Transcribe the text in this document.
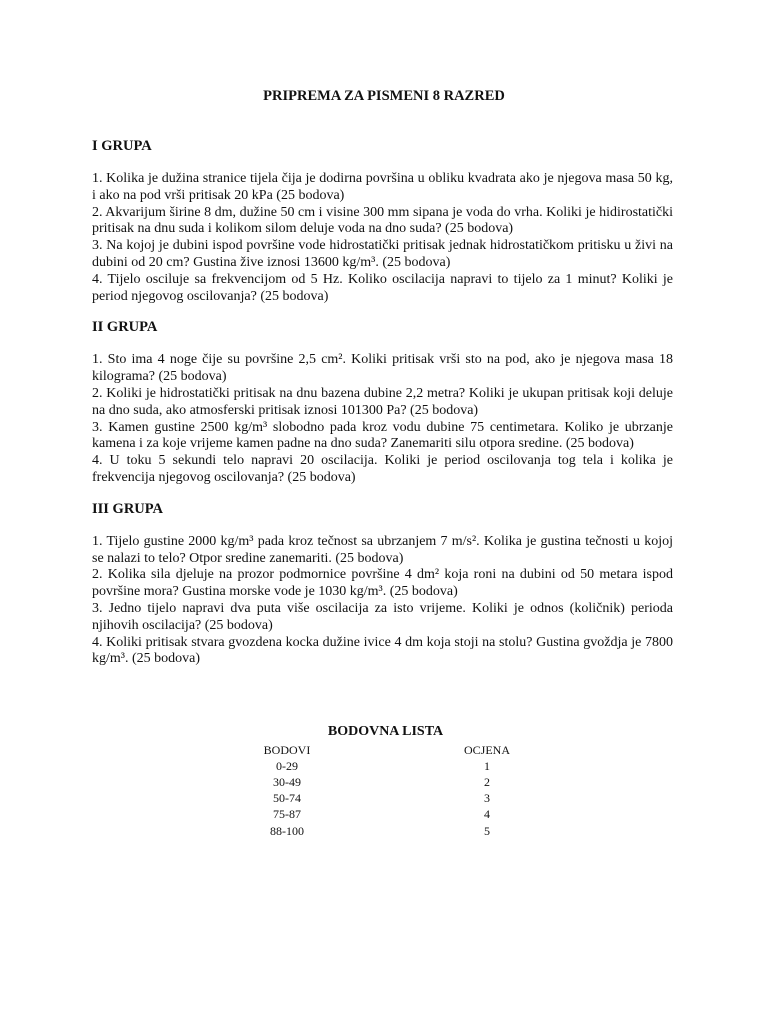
PRIPREMA ZA PISMENI 8 RAZRED

I GRUPA

1. Kolika je dužina stranice tijela čija je dodirna površina u obliku kvadrata ako je njegova masa 50 kg, i ako na pod vrši pritisak 20 kPa (25 bodova)

2. Akvarijum širine 8 dm, dužine 50 cm i visine 300 mm sipana je voda do vrha. Koliki je hidirostatički pritisak na dnu suda i kolikom silom deluje voda na dno suda? (25 bodova)

3. Na kojoj je dubini ispod površine vode hidrostatički pritisak jednak hidrostatičkom pritisku u živi na dubini od 20 cm? Gustina žive iznosi 13600 kg/m³. (25 bodova)

4. Tijelo osciluje sa frekvencijom od 5 Hz. Koliko oscilacija napravi to tijelo za 1 minut? Koliki je period njegovog oscilovanja? (25 bodova)

II GRUPA

1. Sto ima 4 noge čije su površine 2,5 cm². Koliki pritisak vrši sto na pod, ako je njegova masa 18 kilograma? (25 bodova)

2. Koliki je hidrostatički pritisak na dnu bazena dubine 2,2 metra? Koliki je ukupan pritisak koji deluje na dno suda, ako atmosferski pritisak iznosi 101300 Pa? (25 bodova)

3. Kamen gustine 2500 kg/m³ slobodno pada kroz vodu dubine 75 centimetara. Koliko je ubrzanje kamena i za koje vrijeme kamen padne na dno suda? Zanemariti silu otpora sredine. (25 bodova)

4. U toku 5 sekundi telo napravi 20 oscilacija. Koliki je period oscilovanja tog tela i kolika je frekvencija njegovog oscilovanja? (25 bodova)

III GRUPA

1. Tijelo gustine 2000 kg/m³ pada kroz tečnost sa ubrzanjem 7 m/s². Kolika je gustina tečnosti u kojoj se nalazi to telo? Otpor sredine zanemariti. (25 bodova)

2. Kolika sila djeluje na prozor podmornice površine 4 dm² koja roni na dubini od 50 metara ispod površine mora? Gustina morske vode je 1030 kg/m³. (25 bodova)

3. Jedno tijelo napravi dva puta više oscilacija za isto vrijeme. Koliki je odnos (količnik) perioda njihovih oscilacija? (25 bodova)

4. Koliki pritisak stvara gvozdena kocka dužine ivice 4 dm koja stoji na stolu? Gustina gvoždja je 7800 kg/m³. (25 bodova)

BODOVNA LISTA

BODOVI		OCJENA
0-29		1
30-49		2
50-74		3
75-87		4
88-100		5
